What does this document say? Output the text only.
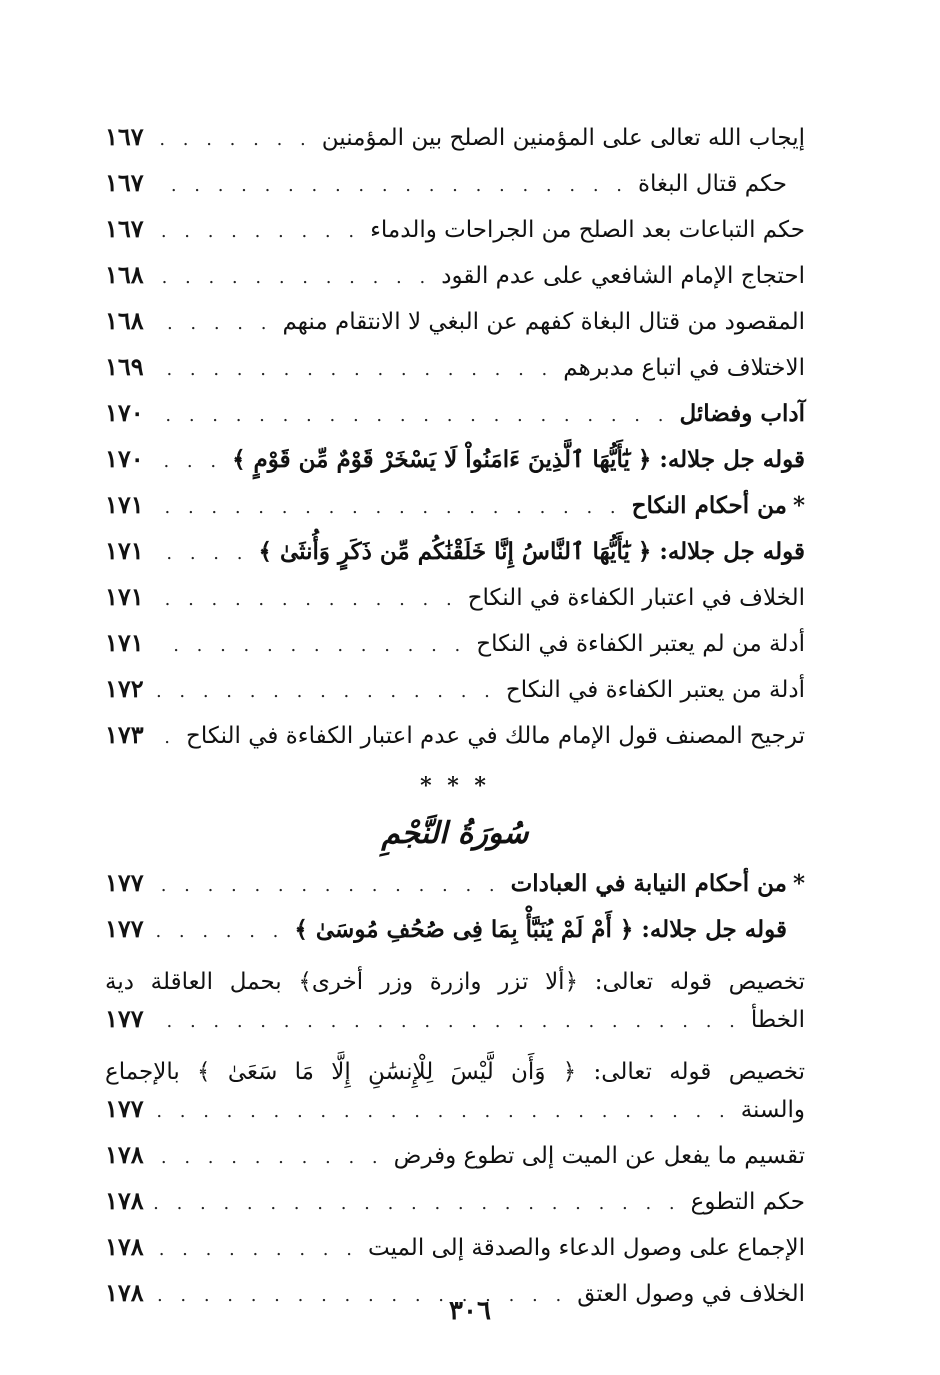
إيجاب الله تعالى على المؤمنين الصلح بين المؤمنين
. . .
١٦٧
حكم قتال البغاة
. . .
١٦٧
حكم التباعات بعد الصلح من الجراحات والدماء
. . .
١٦٧
احتجاج الإمام الشافعي على عدم القود
. . .
١٦٨
المقصود من قتال البغاة كفهم عن البغي لا الانتقام منهم
. . .
١٦٨
الاختلاف في اتباع مدبرهم
. . .
١٦٩
آداب وفضائل
. . .
١٧٠
قوله جل جلاله: ﴿ يَٰٓأَيُّهَا ٱلَّذِينَ ءَامَنُواْ لَا يَسْخَرْ قَوْمٌ مِّن قَوْمٍ ﴾
. . .
١٧٠
*
من أحكام النكاح
. . .
١٧١
قوله جل جلاله: ﴿ يَٰٓأَيُّهَا ٱلنَّاسُ إِنَّا خَلَقْنَٰكُم مِّن ذَكَرٍ وَأُنثَىٰ ﴾
. . .
١٧١
الخلاف في اعتبار الكفاءة في النكاح
. . .
١٧١
أدلة من لم يعتبر الكفاءة في النكاح
. . .
١٧١
أدلة من يعتبر الكفاءة في النكاح
. . .
١٧٢
ترجيح المصنف قول الإمام مالك في عدم اعتبار الكفاءة في النكاح
. . .
١٧٣
* * *
سُورَةُ النَّجْمِ
*
من أحكام النيابة في العبادات
. . .
١٧٧
قوله جل جلاله: ﴿ أَمْ لَمْ يُنَبَّأْ بِمَا فِى صُحُفِ مُوسَىٰ ﴾
. . .
١٧٧
تخصيص قوله تعالى: ﴿ألا تزر وازرة وزر أخرى﴾ بحمل العاقلة دية
الخطأ
. . .
١٧٧
تخصيص قوله تعالى: ﴿ وَأَن لَّيْسَ لِلْإِنسَٰنِ إِلَّا مَا سَعَىٰ ﴾ بالإجماع
والسنة
. . .
١٧٧
تقسيم ما يفعل عن الميت إلى تطوع وفرض
. . .
١٧٨
حكم التطوع
. . .
١٧٨
الإجماع على وصول الدعاء والصدقة إلى الميت
. . .
١٧٨
الخلاف في وصول العتق
. . .
١٧٨
٣٠٦
